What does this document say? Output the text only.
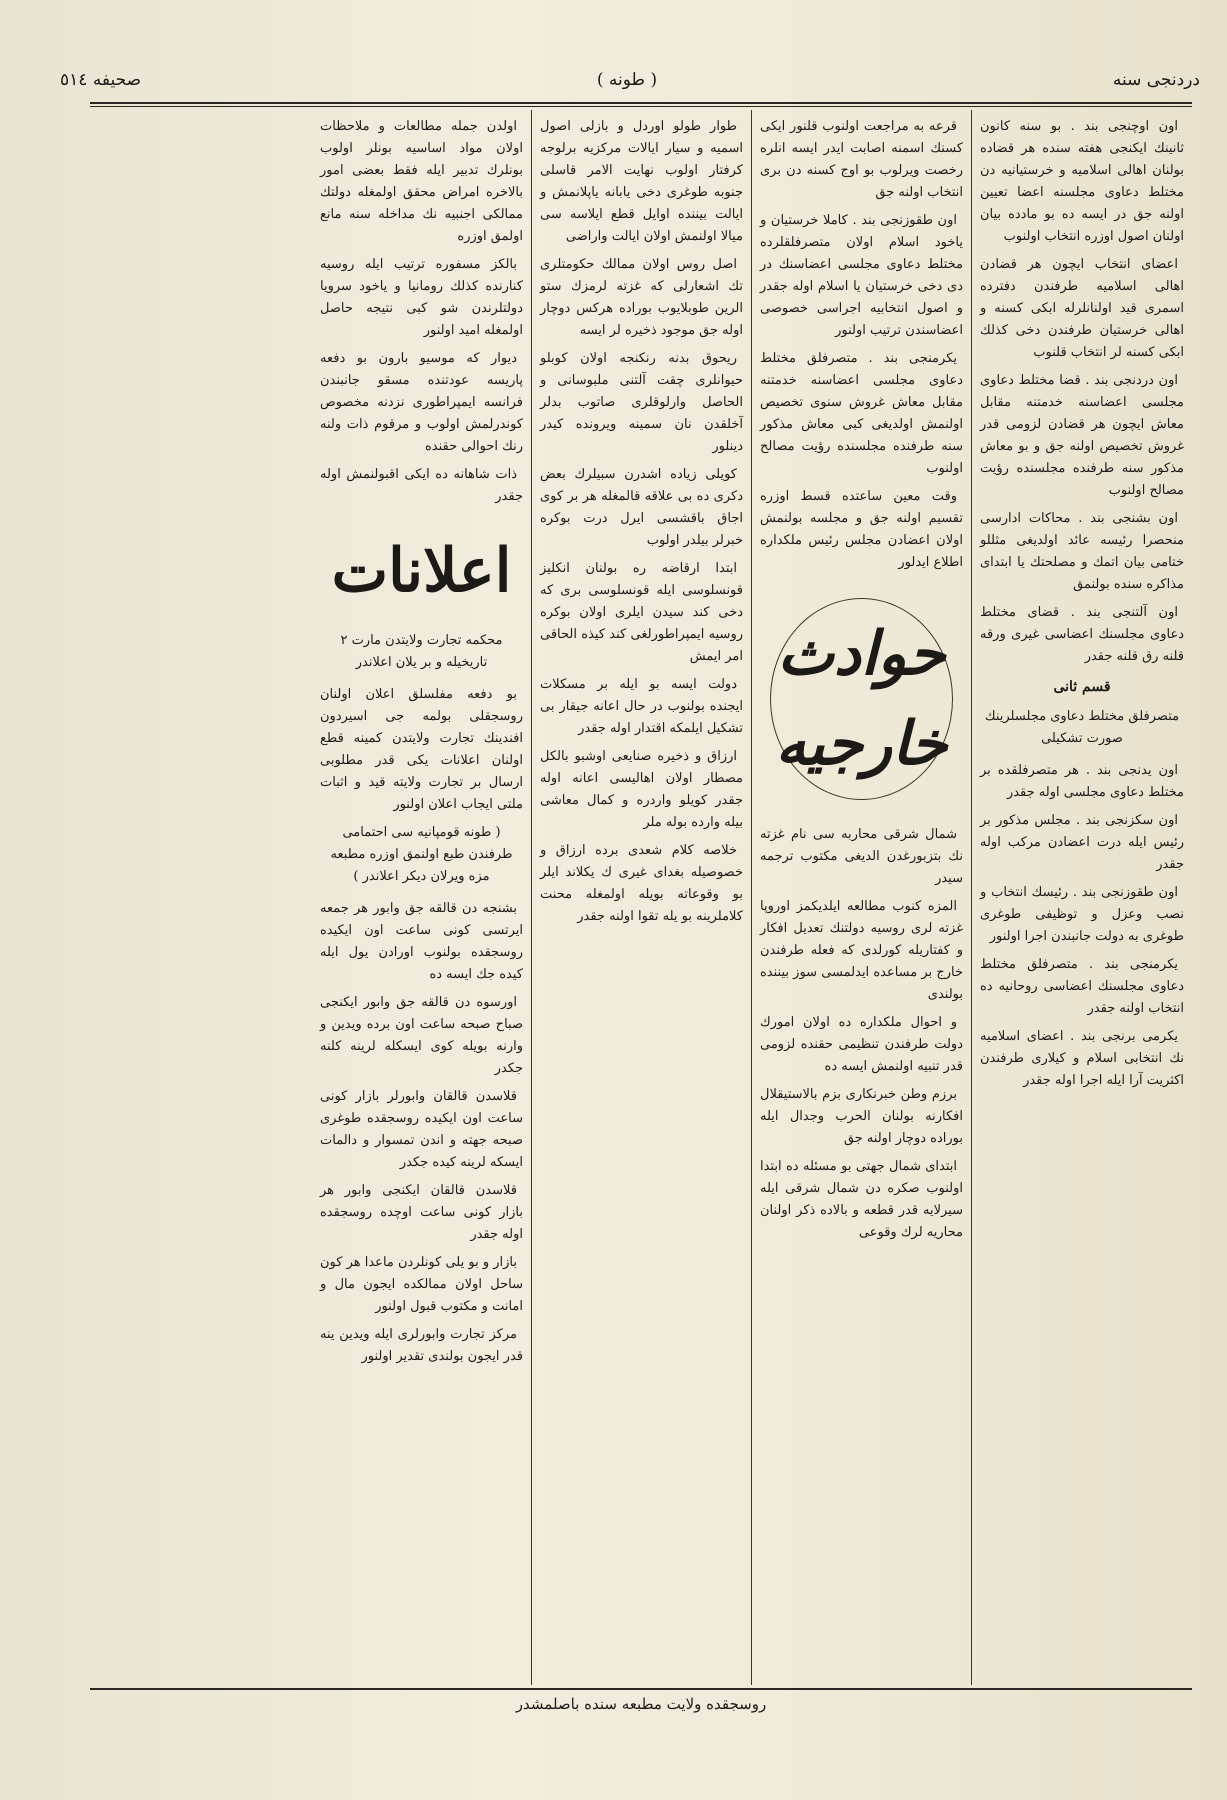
دردنجى سنه
( طونه )
صحيفه ٥١٤

اون اوچنجى بند . بو سنه كانون ثانينك ايكنجى هفته سنده هر قضاده بولنان اهالى اسلاميه و خرستيانيه دن مختلط دعاوى مجلسنه اعضا تعيين اولنه جق در ايسه ده بو مادده بيان اولنان اصول اوزره انتخاب اولنوب

اعضاى انتخاب ايچون هر قضادن اهالى اسلاميه طرفندن دفترده اسمرى قيد اولنانلرله ابكى كسنه و اهالى خرستيان طرفندن دخى كذلك ابكى كسنه لر انتخاب قلنوب

اون دردنجى بند . قضا مختلط دعاوى مجلسى اعضاسنه خدمتنه مقابل معاش ايچون هر قضادن لزومى قدر غروش تخصيص اولنه جق و بو معاش مذكور سنه طرفنده مجلسنده رؤيت مصالح اولنوب

اون بشنجى بند . محاكات ادارسى منحصرا رئيسه عائد اولديغى مثللو ختامى بيان اتمك و مصلحتك يا ابتداى مذاكره سنده بولنمق

اون آلتنجى بند . قضاى مختلط دعاوى مجلسنك اعضاسى غيرى ورقه قلنه رق قلنه جقدر

قسم ثانى
متصرفلق مختلط دعاوى مجلسلرينك صورت تشكيلى

اون يدنجى بند . هر متصرفلقده بر مختلط دعاوى مجلسى اوله جقدر

اون سكزنجى بند . مجلس مذكور بر رئيس ايله درت اعضادن مركب اوله جقدر

اون طقوزنجى بند . رئيسك انتخاب و نصب وعزل و توظيفى طوغرى طوغرى به دولت جانبندن اجرا اولنور

يكرمنجى بند . متصرفلق مختلط دعاوى مجلسنك اعضاسى روحانيه ده انتخاب اولنه جقدر

يكرمى برنجى بند . اعضاى اسلاميه نك انتخابى اسلام و كيلارى طرفندن اكثريت آرا ايله اجرا اوله جقدر

قرعه به مراجعت اولنوب قلنور ايكى كسنك اسمنه اصابت ايدر ايسه انلره رخصت ويرلوب بو اوج كسنه دن برى انتخاب اولنه جق

اون طقوزنجى بند . كاملا خرستيان و ياخود اسلام اولان متصرفلقلرده مختلط دعاوى مجلسى اعضاسنك در دى دخى خرستيان يا اسلام اوله جقدر و اصول انتخابيه اجراسى خصوصى اعضاسندن ترتيب اولنور

يكرمنجى بند . متصرفلق مختلط دعاوى مجلسى اعضاسنه خدمتنه مقابل معاش غروش سنوى تخصيص اولنمش اولديغى كبى معاش مذكور سنه طرفنده مجلسنده رؤيت مصالح اولنوب

وقت معين ساعتده قسط اوزره تقسيم اولنه جق و مجلسه بولنمش اولان اعضادن مجلس رئيس ملكداره اطلاع ايدلور

حوادث خارجيه

شمال شرقى محاربه سى نام غزته نك بتزبورغدن الديغى مكتوب ترجمه سيدر

المزه كنوب مطالعه ايلديكمز اوروپا غزته لرى روسيه دولتنك تعديل افكار و كفتاريله كورلدى كه فعله طرفندن خارج بر مساعده ايدلمسى سوز بيننده بولندى

و احوال ملكداره ده اولان امورك دولت طرفندن تنظيمى حقنده لزومى قدر تنبيه اولنمش ايسه ده

برزم وطن خبرنكارى بزم بالاستيقلال افكارنه بولنان الحرب وجدال ايله بوراده دوچار اولنه جق

ابتداى شمال جهتى بو مسئله ده ابتدا اولنوب صكره دن شمال شرقى ايله سيرلايه قدر قطعه و بالاده ذكر اولنان محاريه لرك وقوعى

طوار طولو اوردل و بازلى اصول اسميه و سيار ايالات مركزيه برلوجه كرفتار اولوب نهايت الامر قاسلى جنوبه طوغرى دخى يابانه ياپلانمش و ايالت بيننده اوايل قطع ايلاسه سى ميالا اولنمش اولان ايالت واراضى

اصل روس اولان ممالك حكومتلرى تك اشعارلى كه غزته لرمزك ستو الرين طوبلايوب بوراده هركس دوچار اوله جق موجود ذخيره لر ايسه

ريحوق بدنه رنكنجه اولان كوبلو حيوانلرى چقت آلتنى ملبوسانى و الحاصل وارلوقلرى صاتوب بدلر آخلقدن نان سمينه ويرونده كيدر دينلور

كويلى زياده اشدرن سبيلرك بعض دكرى ده بى علاقه قالمغله هر بر كوى اجاق باقشسى ايرل درت بوكره خبرلر بيلدر اولوب

ابتدا ارقاضه ره بولنان انكليز قونسلوسى ايله قونسلوسى برى كه دخى كند سيدن ايلرى اولان بوكره روسيه ايمپراطورلغى كند كيذه الحاقى امر ايمش

دولت ايسه بو ايله بر مسكلات ايجنده بولنوب در حال اعانه جيقار بى تشكيل ايلمكه اقتدار اوله جقدر

ارزاق و ذخيره صنايعى اوشبو بالكل مصطار اولان اهاليسى اعانه اوله جقدر كويلو واردره و كمال معاشى بيله وارده بوله ملر

خلاصه كلام شعدى برده ارزاق و خصوصيله بغداى غيرى ك يكلاند ايلر بو وقوعاته بويله اولمغله محنت كلاملرينه بو يله تقوا اولنه جقدر

اولدن جمله مطالعات و ملاحظات اولان مواد اساسيه بونلر اولوب بونلرك تدبير ايله فقط بعضى امور بالاخره امراض محقق اولمغله دولتك ممالكى اجنبيه نك مداخله سنه مانع اولمق اوزره

بالكز مسفوره ترتيب ايله روسيه كنارنده كذلك رومانيا و ياخود سرويا دولتلرندن شو كبى نتيجه حاصل اولمغله اميد اولنور

ديوار كه موسيو بارون بو دفعه پاريسه عودتنده مسقو جانبندن فرانسه ايمپراطورى نزدنه مخصوص كوندرلمش اولوب و مرقوم ذات ولنه رنك احوالى حقنده

ذات شاهانه ده ايكى اقبولنمش اوله جقدر

اعلانات
محكمه تجارت ولايتدن مارت ٢ تاريخيله و بر يلان اعلاندر

بو دفعه مفلسلق اعلان اولنان روسجقلى بولمه جى اسيردون افندينك تجارت ولايتدن كمينه قطع اولنان اعلانات يكى قدر مطلوبى ارسال بر تجارت ولايته قيد و اثبات ملتى ايجاب اعلان اولنور

( طونه قومپانيه سى احتمامى طرفندن طبع اولنمق اوزره مطبعه مزه ويرلان ديكر اعلاندر )

بشنجه دن قالقه جق وابور هر جمعه ايرتسى كونى ساعت اون ايكيده روسجقده بولنوب اورادن يول ايله كيده جك ايسه ده

اورسوه دن قالقه جق وابور ايكنجى صباح صبحه ساعت اون برده ويدين و وارنه بويله كوى ايسكله لرينه كلنه جكدر

قلاسدن قالقان وابورلر بازار كونى ساعت اون ايكيده روسجقده طوغرى صبحه جهته و اندن تمسوار و دالمات ايسكه لرينه كيده جكدر

قلاسدن قالقان ايكنجى وابور هر بازار كونى ساعت اوچده روسجقده اوله جقدر

بازار و بو يلى كونلردن ماعدا هر كون ساحل اولان ممالكده ايجون مال و امانت و مكتوب قبول اولنور

مركز تجارت وابورلرى ايله ويدين ينه قدر ايجون بولندى تقدير اولنور

روسجقده ولايت مطبعه سنده باصلمشدر
